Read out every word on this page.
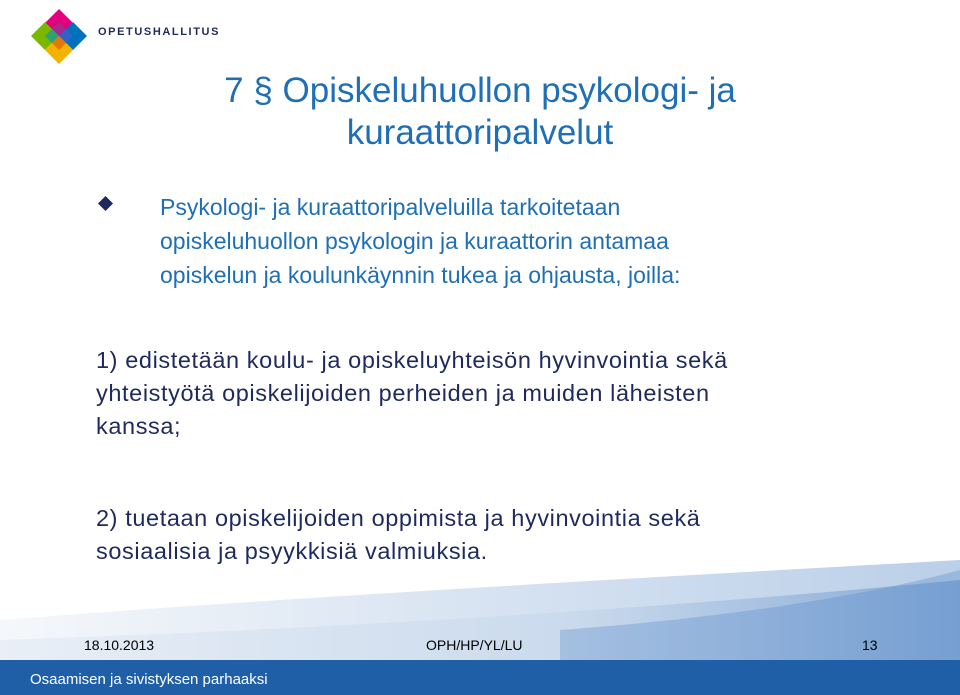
OPETUSHALLITUS
7 § Opiskeluhuollon psykologi- ja
kuraattoripalvelut
Psykologi- ja kuraattoripalveluilla tarkoitetaan
opiskeluhuollon psykologin ja kuraattorin antamaa
opiskelun ja koulunkäynnin tukea ja ohjausta, joilla:
1) edistetään koulu- ja opiskeluyhteisön hyvinvointia sekä
yhteistyötä opiskelijoiden perheiden ja muiden läheisten
kanssa;
2) tuetaan opiskelijoiden oppimista ja hyvinvointia sekä
sosiaalisia ja psyykkisiä valmiuksia.
18.10.2013	OPH/HP/YL/LU	13
Osaamisen ja sivistyksen parhaaksi
